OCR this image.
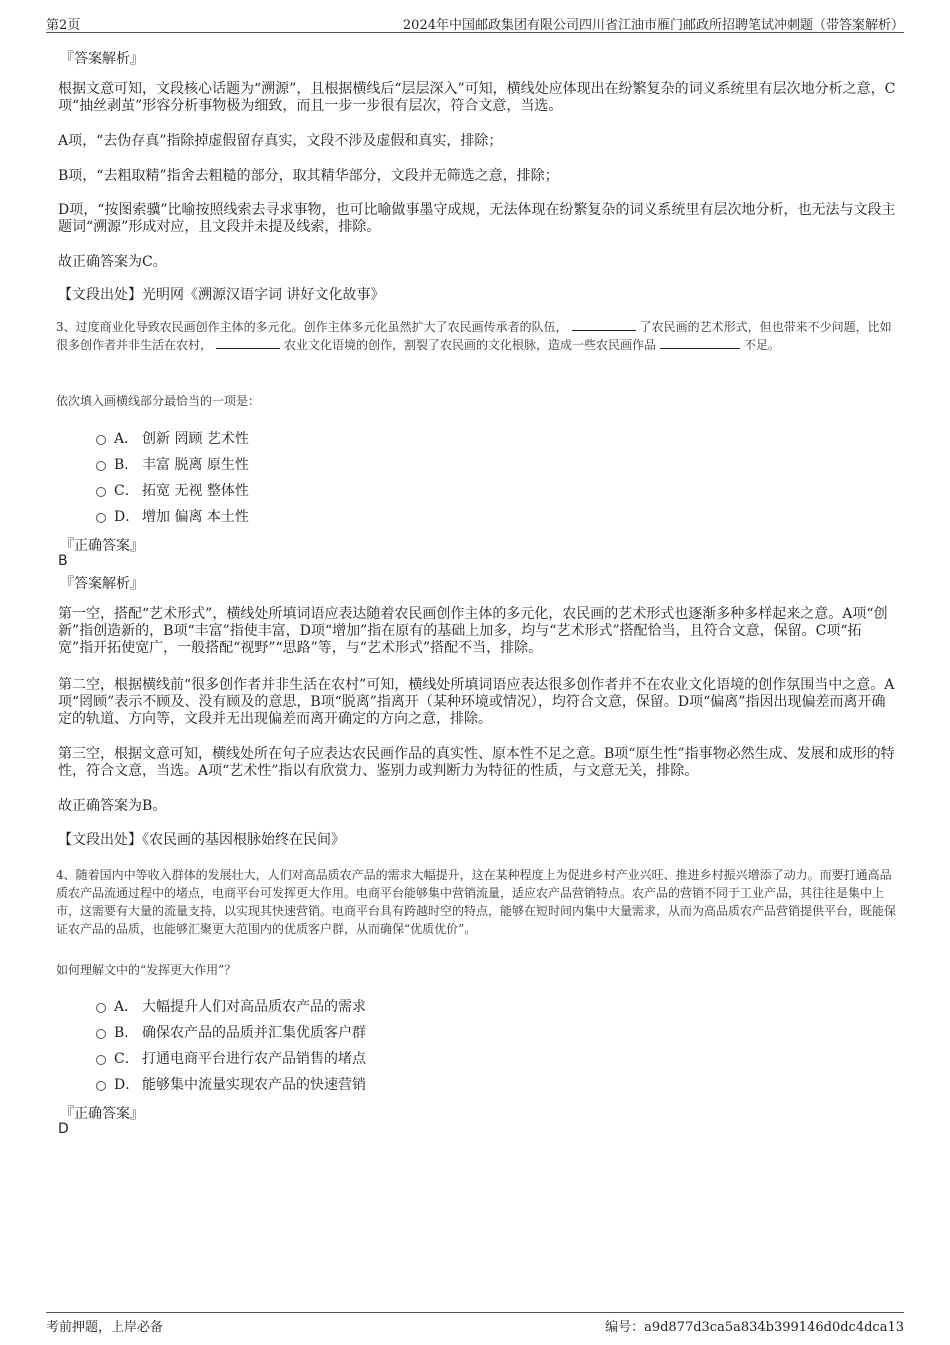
第2页	2024年中国邮政集团有限公司四川省江油市雁门邮政所招聘笔试冲刺题（带答案解析）
『答案解析』
根据文意可知，文段核心话题为“溯源”，且根据横线后“层层深入”可知，横线处应体现出在纷繁复杂的词义系统里有层次地分析之意，C项“抽丝剥茧”形容分析事物极为细致，而且一步一步很有层次，符合文意，当选。
A项，“去伪存真”指除掉虚假留存真实，文段不涉及虚假和真实，排除；
B项，“去粗取精”指舍去粗糙的部分，取其精华部分，文段并无筛选之意，排除；
D项，“按图索骥”比喻按照线索去寻求事物，也可比喻做事墨守成规，无法体现在纷繁复杂的词义系统里有层次地分析，也无法与文段主题词“溯源”形成对应，且文段并未提及线索，排除。
故正确答案为C。
【文段出处】光明网《溯源汉语字词 讲好文化故事》
3、过度商业化导致农民画创作主体的多元化。创作主体多元化虽然扩大了农民画传承者的队伍，	了农民画的艺术形式，但也带来不少问题，比如很多创作者并非生活在农村，	农业文化语境的创作，割裂了农民画的文化根脉，造成一些农民画作品	不足。
依次填入画横线部分最恰当的一项是：
A． 创新 罔顾 艺术性
B． 丰富 脱离 原生性
C． 拓宽 无视 整体性
D． 增加 偏离 本土性
『正确答案』
B
『答案解析』
第一空，搭配“艺术形式”，横线处所填词语应表达随着农民画创作主体的多元化，农民画的艺术形式也逐渐多种多样起来之意。A项“创新”指创造新的，B项“丰富”指使丰富，D项“增加”指在原有的基础上加多，均与“艺术形式”搭配恰当，且符合文意，保留。C项“拓宽”指开拓使宽广，一般搭配“视野”“思路”等，与“艺术形式”搭配不当，排除。
第二空，根据横线前“很多创作者并非生活在农村”可知，横线处所填词语应表达很多创作者并不在农业文化语境的创作氛围当中之意。A项“罔顾”表示不顾及、没有顾及的意思，B项“脱离”指离开（某种环境或情况），均符合文意，保留。D项“偏离”指因出现偏差而离开确定的轨道、方向等，文段并无出现偏差而离开确定的方向之意，排除。
第三空，根据文意可知，横线处所在句子应表达农民画作品的真实性、原本性不足之意。B项“原生性”指事物必然生成、发展和成形的特性，符合文意，当选。A项“艺术性”指以有欣赏力、鉴别力或判断力为特征的性质，与文意无关，排除。
故正确答案为B。
【文段出处】《农民画的基因根脉始终在民间》
4、随着国内中等收入群体的发展壮大，人们对高品质农产品的需求大幅提升，这在某种程度上为促进乡村产业兴旺、推进乡村振兴增添了动力。而要打通高品质农产品流通过程中的堵点，电商平台可发挥更大作用。电商平台能够集中营销流量，适应农产品营销特点。农产品的营销不同于工业产品，其往往是集中上市，这需要有大量的流量支持，以实现其快速营销。电商平台具有跨越时空的特点，能够在短时间内集中大量需求，从而为高品质农产品营销提供平台，既能保证农产品的品质，也能够汇聚更大范围内的优质客户群，从而确保“优质优价”。
如何理解文中的“发挥更大作用”？
A． 大幅提升人们对高品质农产品的需求
B． 确保农产品的品质并汇集优质客户群
C． 打通电商平台进行农产品销售的堵点
D． 能够集中流量实现农产品的快速营销
『正确答案』
D
考前押题，上岸必备	编号：a9d877d3ca5a834b399146d0dc4dca13
